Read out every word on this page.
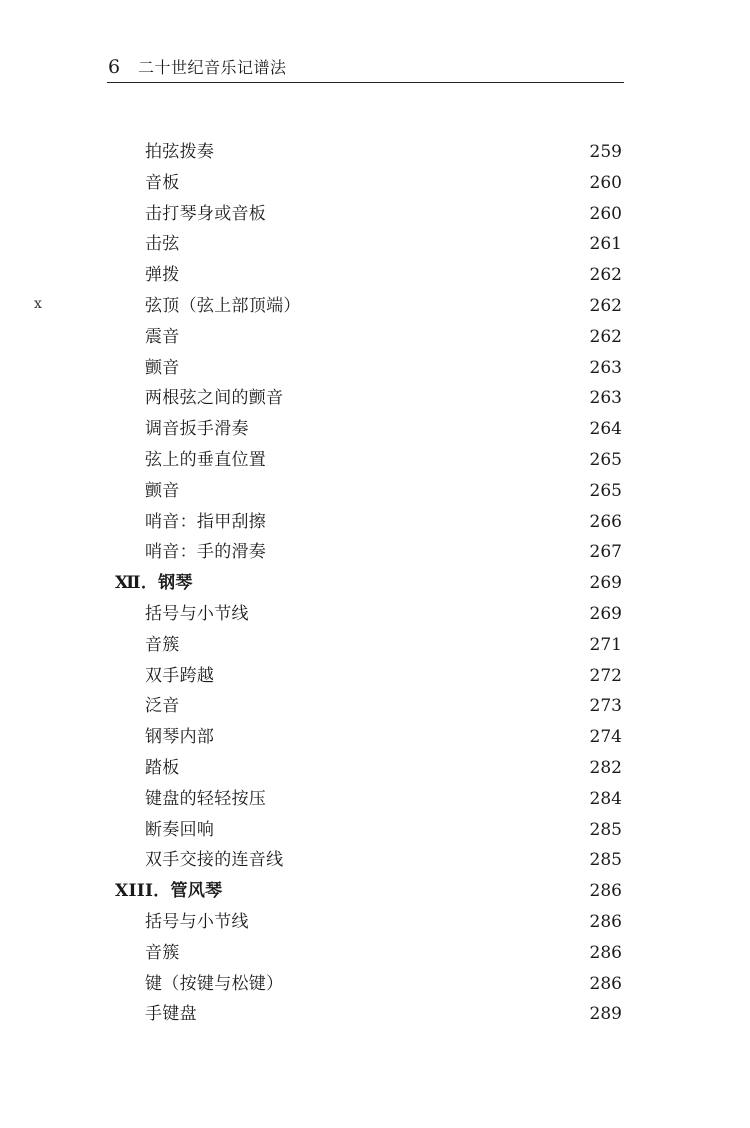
6 二十世纪音乐记谱法
x
拍弦拨奏	259
音板	260
击打琴身或音板	260
击弦	261
弹拨	262
弦顶（弦上部顶端）	262
震音	262
颤音	263
两根弦之间的颤音	263
调音扳手滑奏	264
弦上的垂直位置	265
颤音	265
哨音：指甲刮擦	266
哨音：手的滑奏	267
Ⅻ．钢琴	269
括号与小节线	269
音簇	271
双手跨越	272
泛音	273
钢琴内部	274
踏板	282
键盘的轻轻按压	284
断奏回响	285
双手交接的连音线	285
XIII．管风琴	286
括号与小节线	286
音簇	286
键（按键与松键）	286
手键盘	289
